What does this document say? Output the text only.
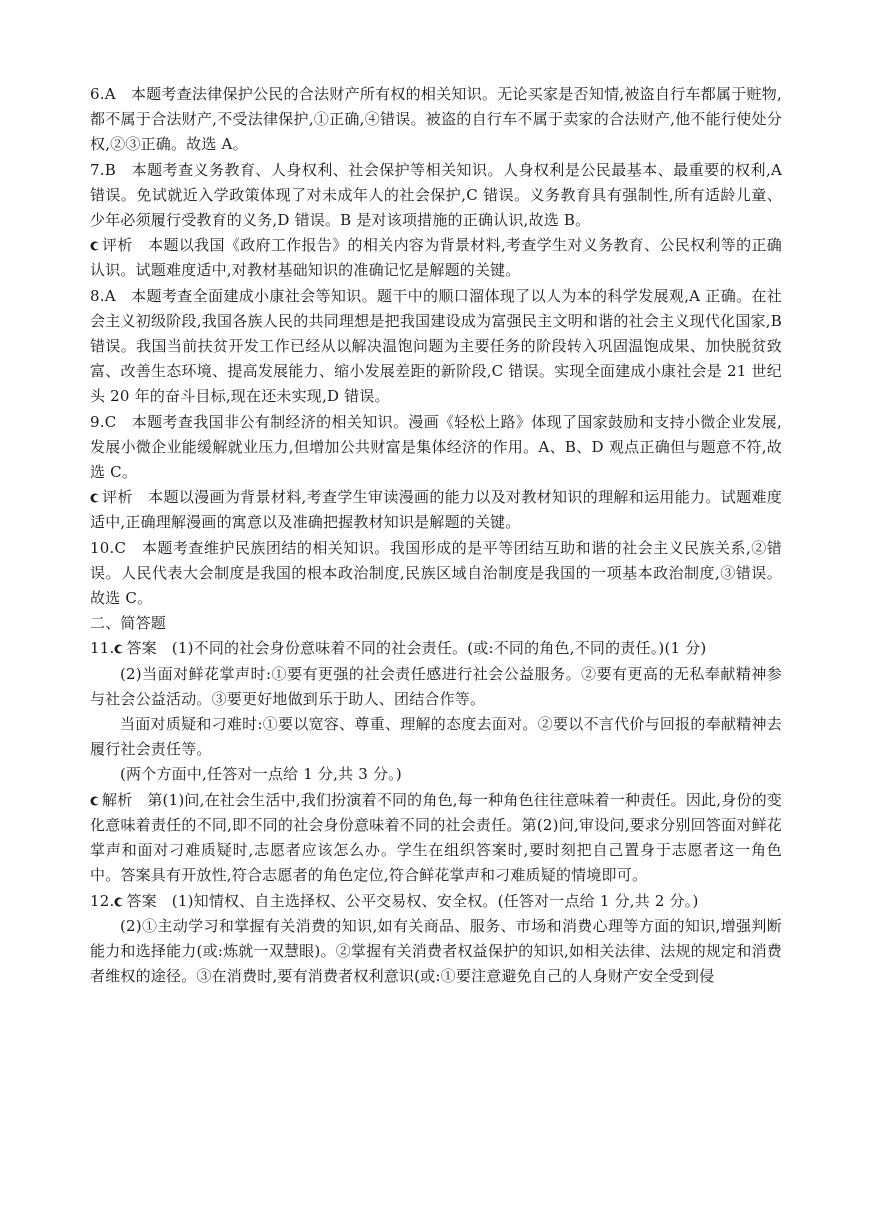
6.A 本题考查法律保护公民的合法财产所有权的相关知识。无论买家是否知情,被盗自行车都属于赃物,都不属于合法财产,不受法律保护,①正确,④错误。被盗的自行车不属于卖家的合法财产,他不能行使处分权,②③正确。故选 A。

7.B 本题考查义务教育、人身权利、社会保护等相关知识。人身权利是公民最基本、最重要的权利,A 错误。免试就近入学政策体现了对未成年人的社会保护,C 错误。义务教育具有强制性,所有适龄儿童、少年必须履行受教育的义务,D 错误。B 是对该项措施的正确认识,故选 B。

评析 本题以我国《政府工作报告》的相关内容为背景材料,考查学生对义务教育、公民权利等的正确认识。试题难度适中,对教材基础知识的准确记忆是解题的关键。

8.A 本题考查全面建成小康社会等知识。题干中的顺口溜体现了以人为本的科学发展观,A 正确。在社会主义初级阶段,我国各族人民的共同理想是把我国建设成为富强民主文明和谐的社会主义现代化国家,B 错误。我国当前扶贫开发工作已经从以解决温饱问题为主要任务的阶段转入巩固温饱成果、加快脱贫致富、改善生态环境、提高发展能力、缩小发展差距的新阶段,C 错误。实现全面建成小康社会是 21 世纪头 20 年的奋斗目标,现在还未实现,D 错误。

9.C 本题考查我国非公有制经济的相关知识。漫画《轻松上路》体现了国家鼓励和支持小微企业发展,发展小微企业能缓解就业压力,但增加公共财富是集体经济的作用。A、B、D 观点正确但与题意不符,故选 C。

评析 本题以漫画为背景材料,考查学生审读漫画的能力以及对教材知识的理解和运用能力。试题难度适中,正确理解漫画的寓意以及准确把握教材知识是解题的关键。

10.C 本题考查维护民族团结的相关知识。我国形成的是平等团结互助和谐的社会主义民族关系,②错误。人民代表大会制度是我国的根本政治制度,民族区域自治制度是我国的一项基本政治制度,③错误。故选 C。

二、简答题

11. 答案 (1)不同的社会身份意味着不同的社会责任。(或:不同的角色,不同的责任。)(1 分)

(2)当面对鲜花掌声时:①要有更强的社会责任感进行社会公益服务。②要有更高的无私奉献精神参与社会公益活动。③要更好地做到乐于助人、团结合作等。

当面对质疑和刁难时:①要以宽容、尊重、理解的态度去面对。②要以不言代价与回报的奉献精神去履行社会责任等。

(两个方面中,任答对一点给 1 分,共 3 分。)

解析 第(1)问,在社会生活中,我们扮演着不同的角色,每一种角色往往意味着一种责任。因此,身份的变化意味着责任的不同,即不同的社会身份意味着不同的社会责任。第(2)问,审设问,要求分别回答面对鲜花掌声和面对刁难质疑时,志愿者应该怎么办。学生在组织答案时,要时刻把自己置身于志愿者这一角色中。答案具有开放性,符合志愿者的角色定位,符合鲜花掌声和刁难质疑的情境即可。

12. 答案 (1)知情权、自主选择权、公平交易权、安全权。(任答对一点给 1 分,共 2 分。)

(2)①主动学习和掌握有关消费的知识,如有关商品、服务、市场和消费心理等方面的知识,增强判断能力和选择能力(或:炼就一双慧眼)。②掌握有关消费者权益保护的知识,如相关法律、法规的规定和消费者维权的途径。③在消费时,要有消费者权利意识(或:①要注意避免自己的人身财产安全受到侵
